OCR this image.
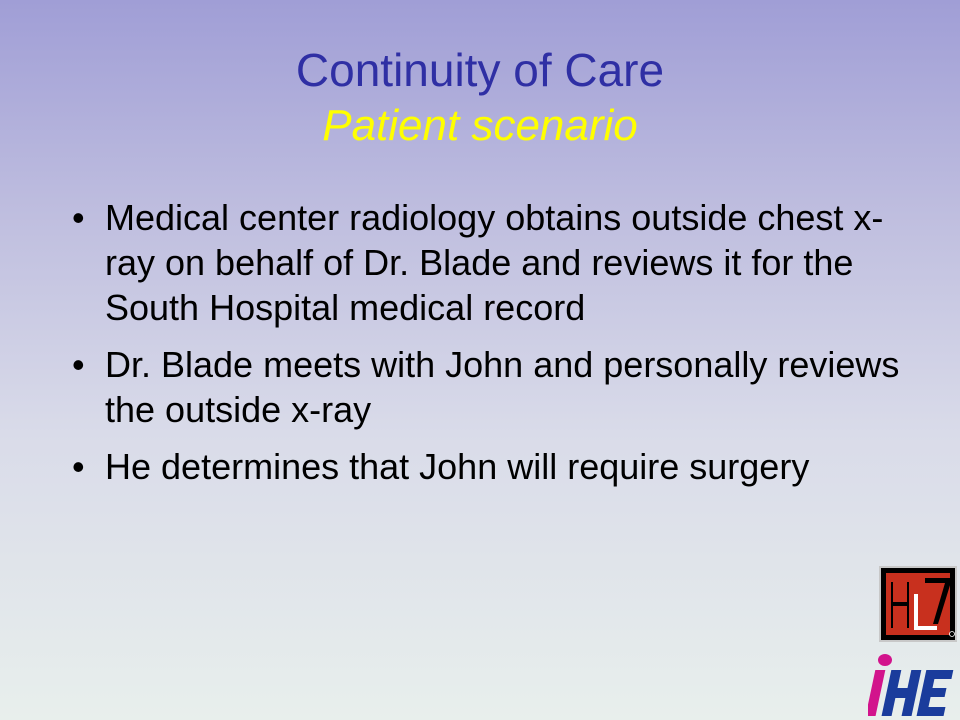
Continuity of Care
Patient scenario
• Medical center radiology obtains outside chest x-ray on behalf of Dr. Blade and reviews it for the South Hospital medical record
• Dr. Blade meets with John and personally reviews the outside x-ray
• He determines that John will require surgery
